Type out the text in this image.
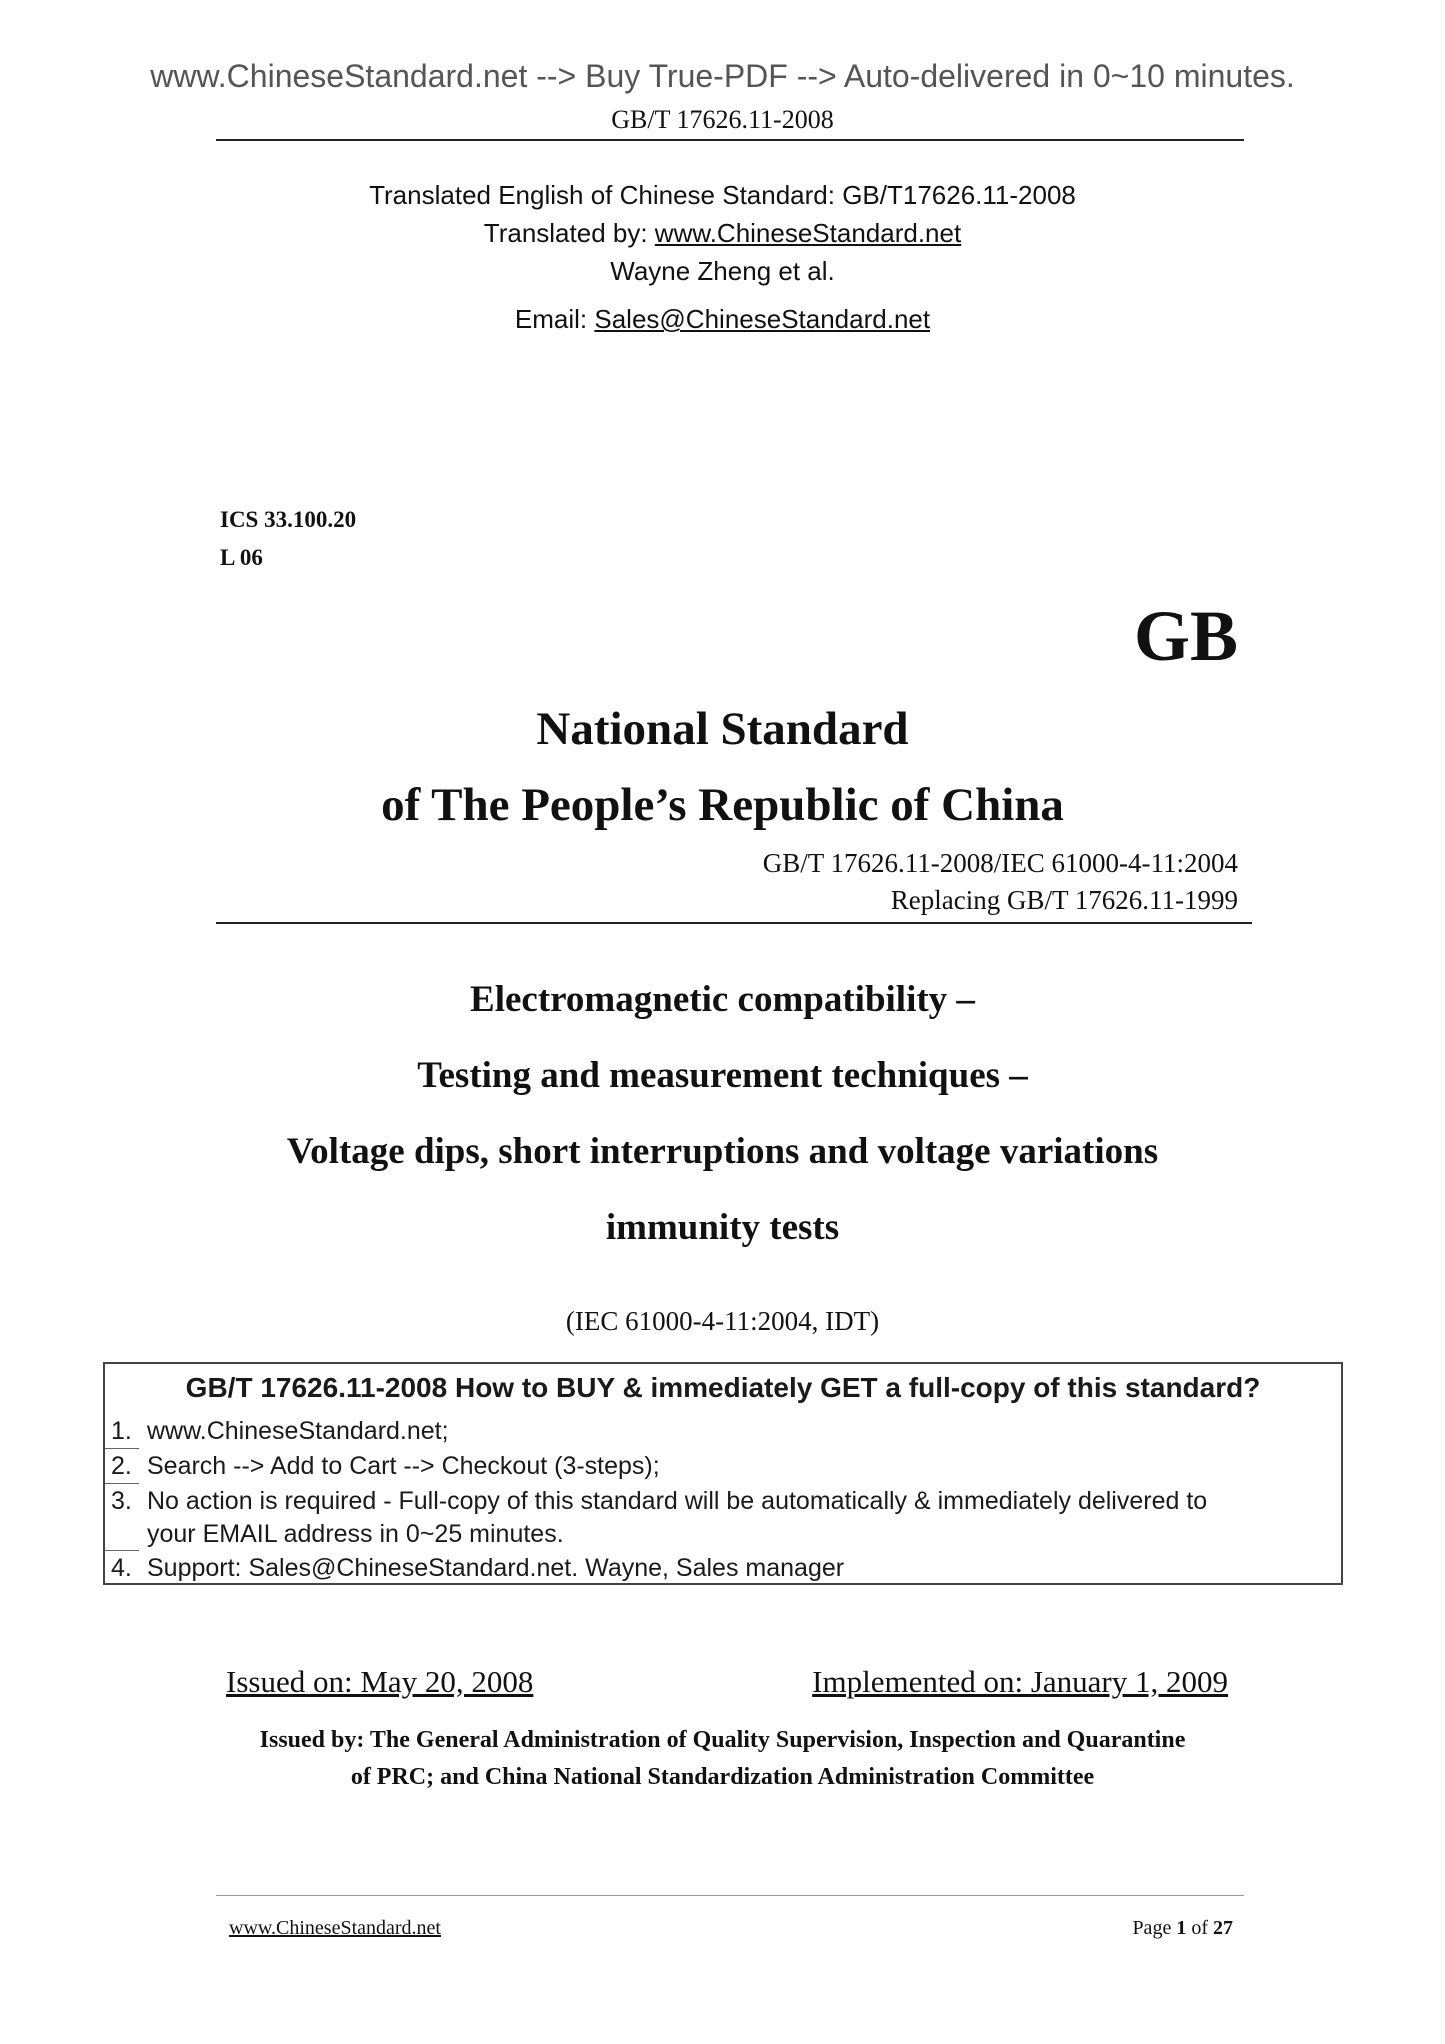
www.ChineseStandard.net --> Buy True-PDF --> Auto-delivered in 0~10 minutes.
GB/T 17626.11-2008
Translated English of Chinese Standard: GB/T17626.11-2008
Translated by: www.ChineseStandard.net
Wayne Zheng et al.
Email: Sales@ChineseStandard.net
ICS 33.100.20
L 06
GB
National Standard
of The People’s Republic of China
GB/T 17626.11-2008/IEC 61000-4-11:2004
Replacing GB/T 17626.11-1999
Electromagnetic compatibility –
Testing and measurement techniques –
Voltage dips, short interruptions and voltage variations
immunity tests
(IEC 61000-4-11:2004, IDT)
GB/T 17626.11-2008 How to BUY & immediately GET a full-copy of this standard?
1. www.ChineseStandard.net;
2. Search --> Add to Cart --> Checkout (3-steps);
3. No action is required - Full-copy of this standard will be automatically & immediately delivered to
your EMAIL address in 0~25 minutes.
4. Support: Sales@ChineseStandard.net. Wayne, Sales manager
Issued on: May 20, 2008	Implemented on: January 1, 2009
Issued by: The General Administration of Quality Supervision, Inspection and Quarantine
of PRC; and China National Standardization Administration Committee
www.ChineseStandard.net	Page 1 of 27
